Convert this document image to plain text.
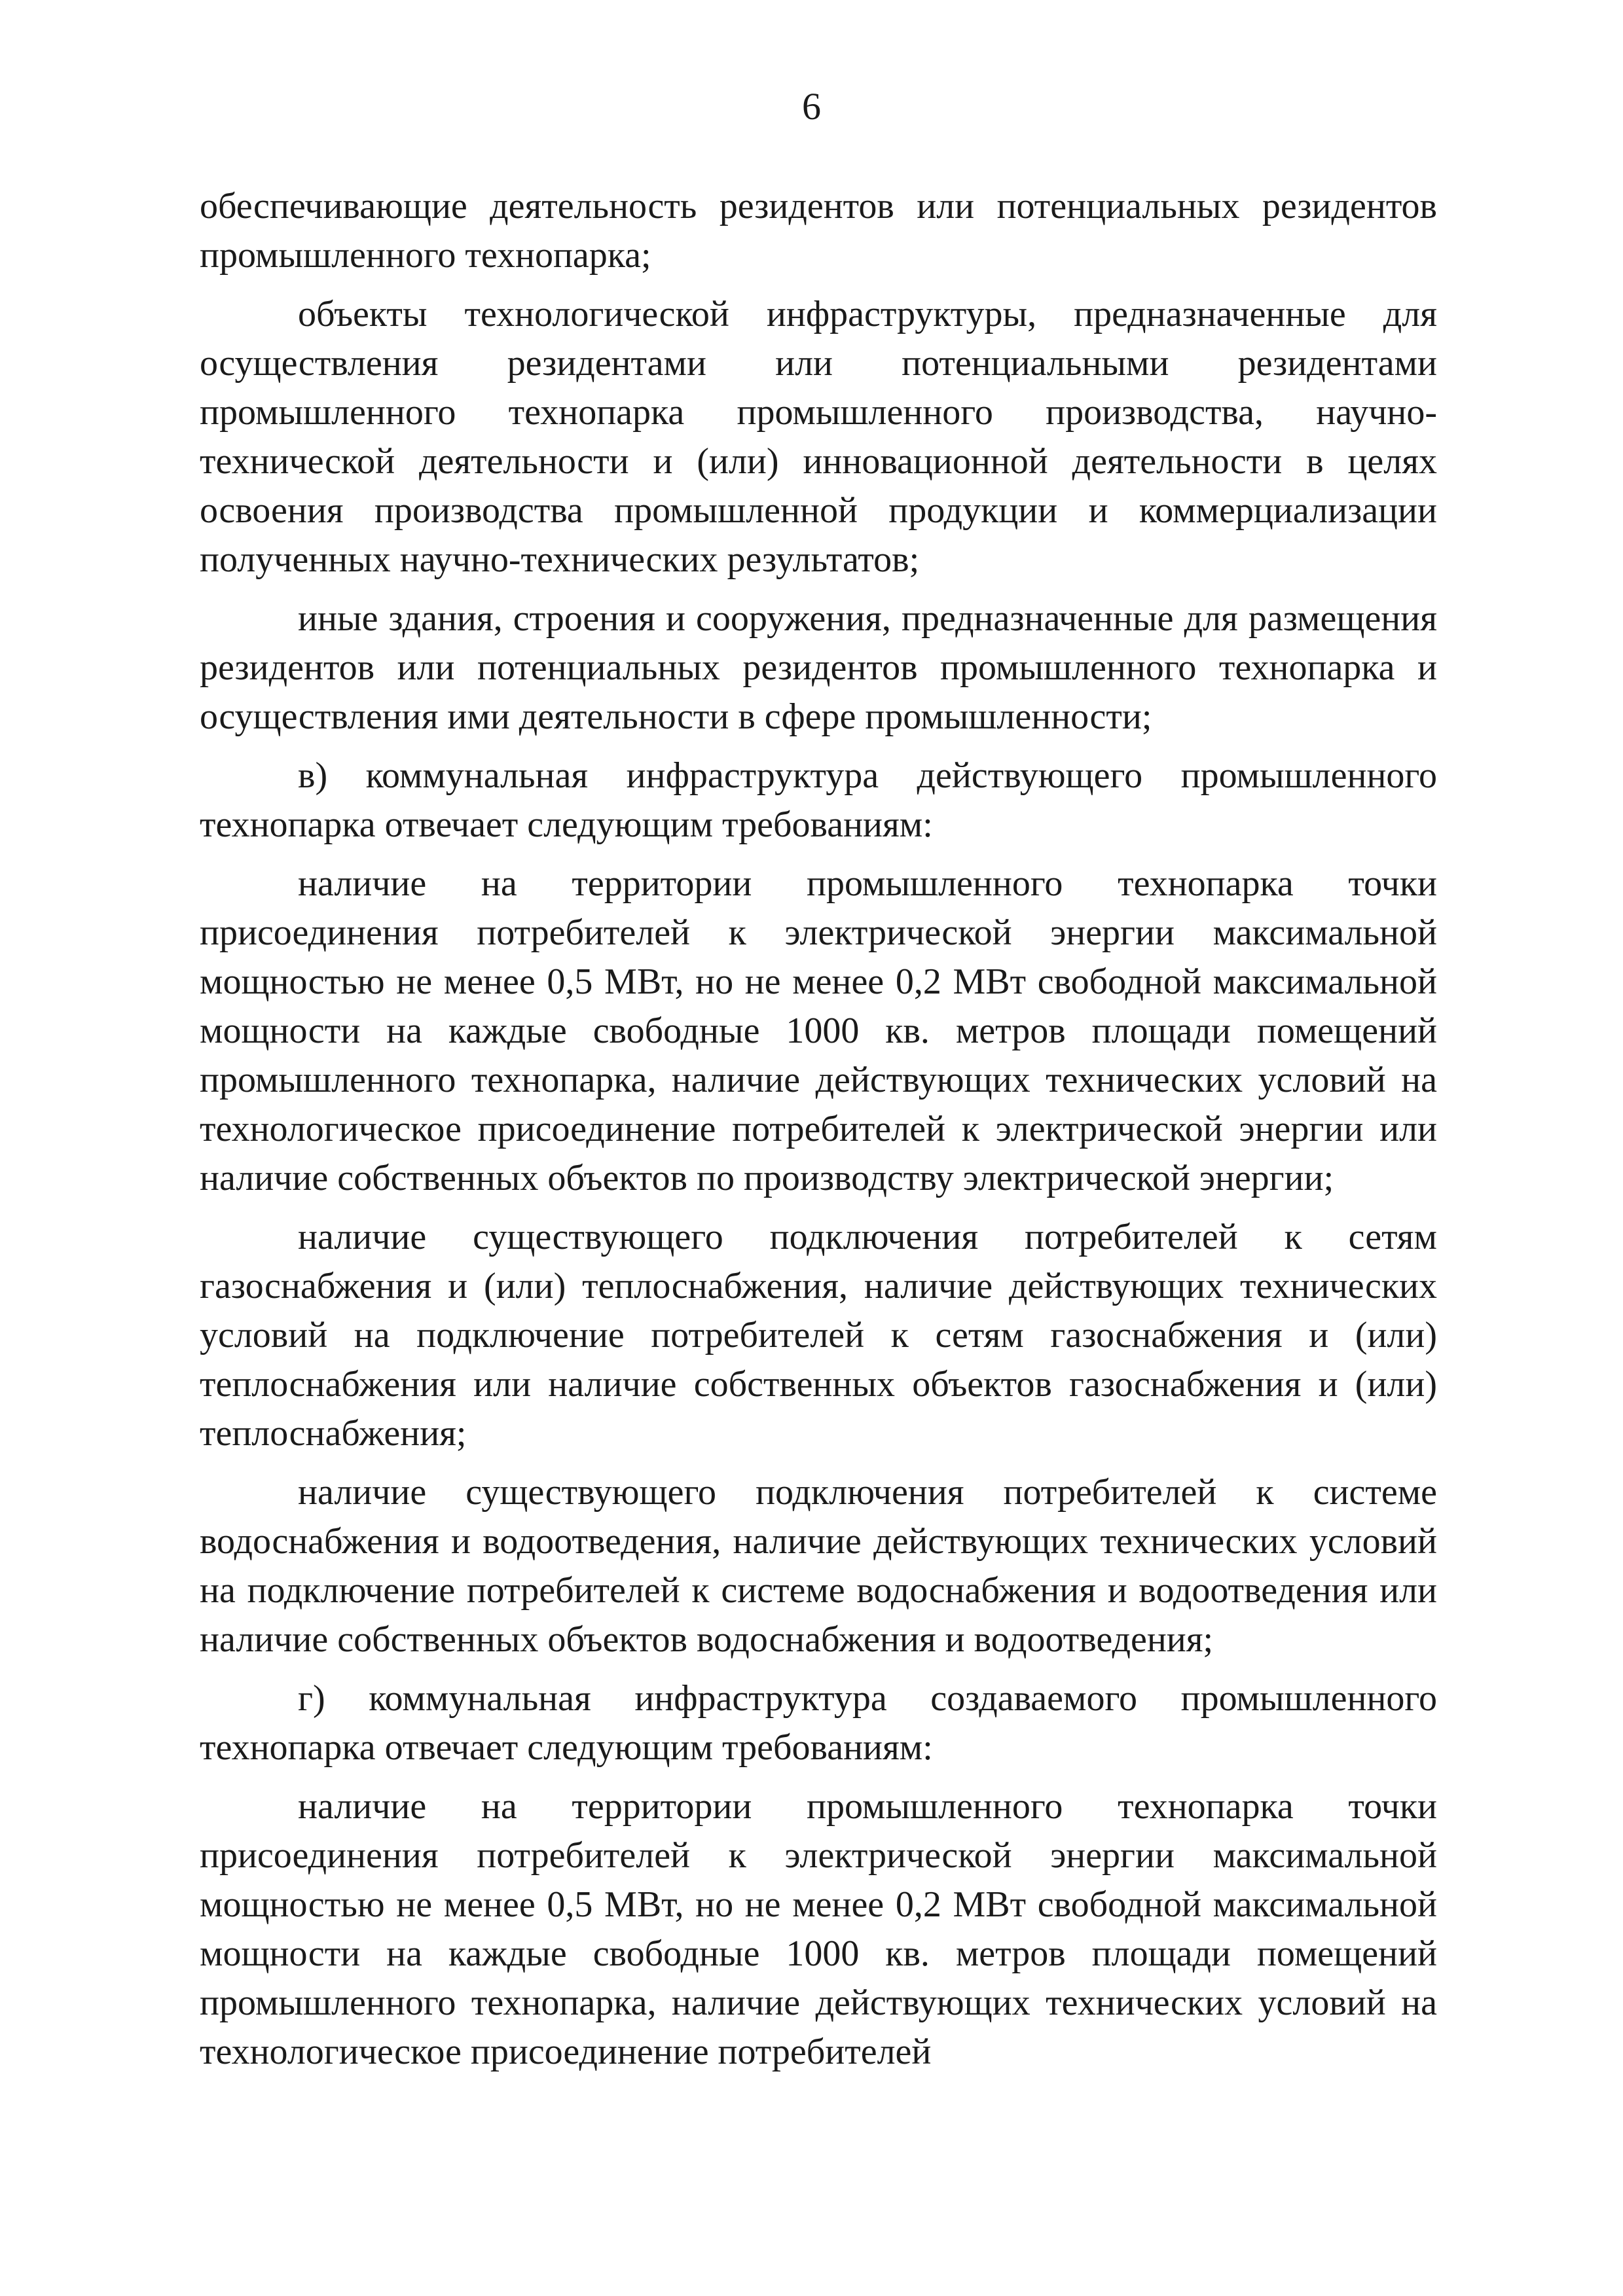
6

обеспечивающие деятельность резидентов или потенциальных резидентов промышленного технопарка;

объекты технологической инфраструктуры, предназначенные для осуществления резидентами или потенциальными резидентами промышленного технопарка промышленного производства, научно-технической деятельности и (или) инновационной деятельности в целях освоения производства промышленной продукции и коммерциализации полученных научно-технических результатов;

иные здания, строения и сооружения, предназначенные для размещения резидентов или потенциальных резидентов промышленного технопарка и осуществления ими деятельности в сфере промышленности;

в) коммунальная инфраструктура действующего промышленного технопарка отвечает следующим требованиям:

наличие на территории промышленного технопарка точки присоединения потребителей к электрической энергии максимальной мощностью не менее 0,5 МВт, но не менее 0,2 МВт свободной максимальной мощности на каждые свободные 1000 кв. метров площади помещений промышленного технопарка, наличие действующих технических условий на технологическое присоединение потребителей к электрической энергии или наличие собственных объектов по производству электрической энергии;

наличие существующего подключения потребителей к сетям газоснабжения и (или) теплоснабжения, наличие действующих технических условий на подключение потребителей к сетям газоснабжения и (или) теплоснабжения или наличие собственных объектов газоснабжения и (или) теплоснабжения;

наличие существующего подключения потребителей к системе водоснабжения и водоотведения, наличие действующих технических условий на подключение потребителей к системе водоснабжения и водоотведения или наличие собственных объектов водоснабжения и водоотведения;

г) коммунальная инфраструктура создаваемого промышленного технопарка отвечает следующим требованиям:

наличие на территории промышленного технопарка точки присоединения потребителей к электрической энергии максимальной мощностью не менее 0,5 МВт, но не менее 0,2 МВт свободной максимальной мощности на каждые свободные 1000 кв. метров площади помещений промышленного технопарка, наличие действующих технических условий на технологическое присоединение потребителей
